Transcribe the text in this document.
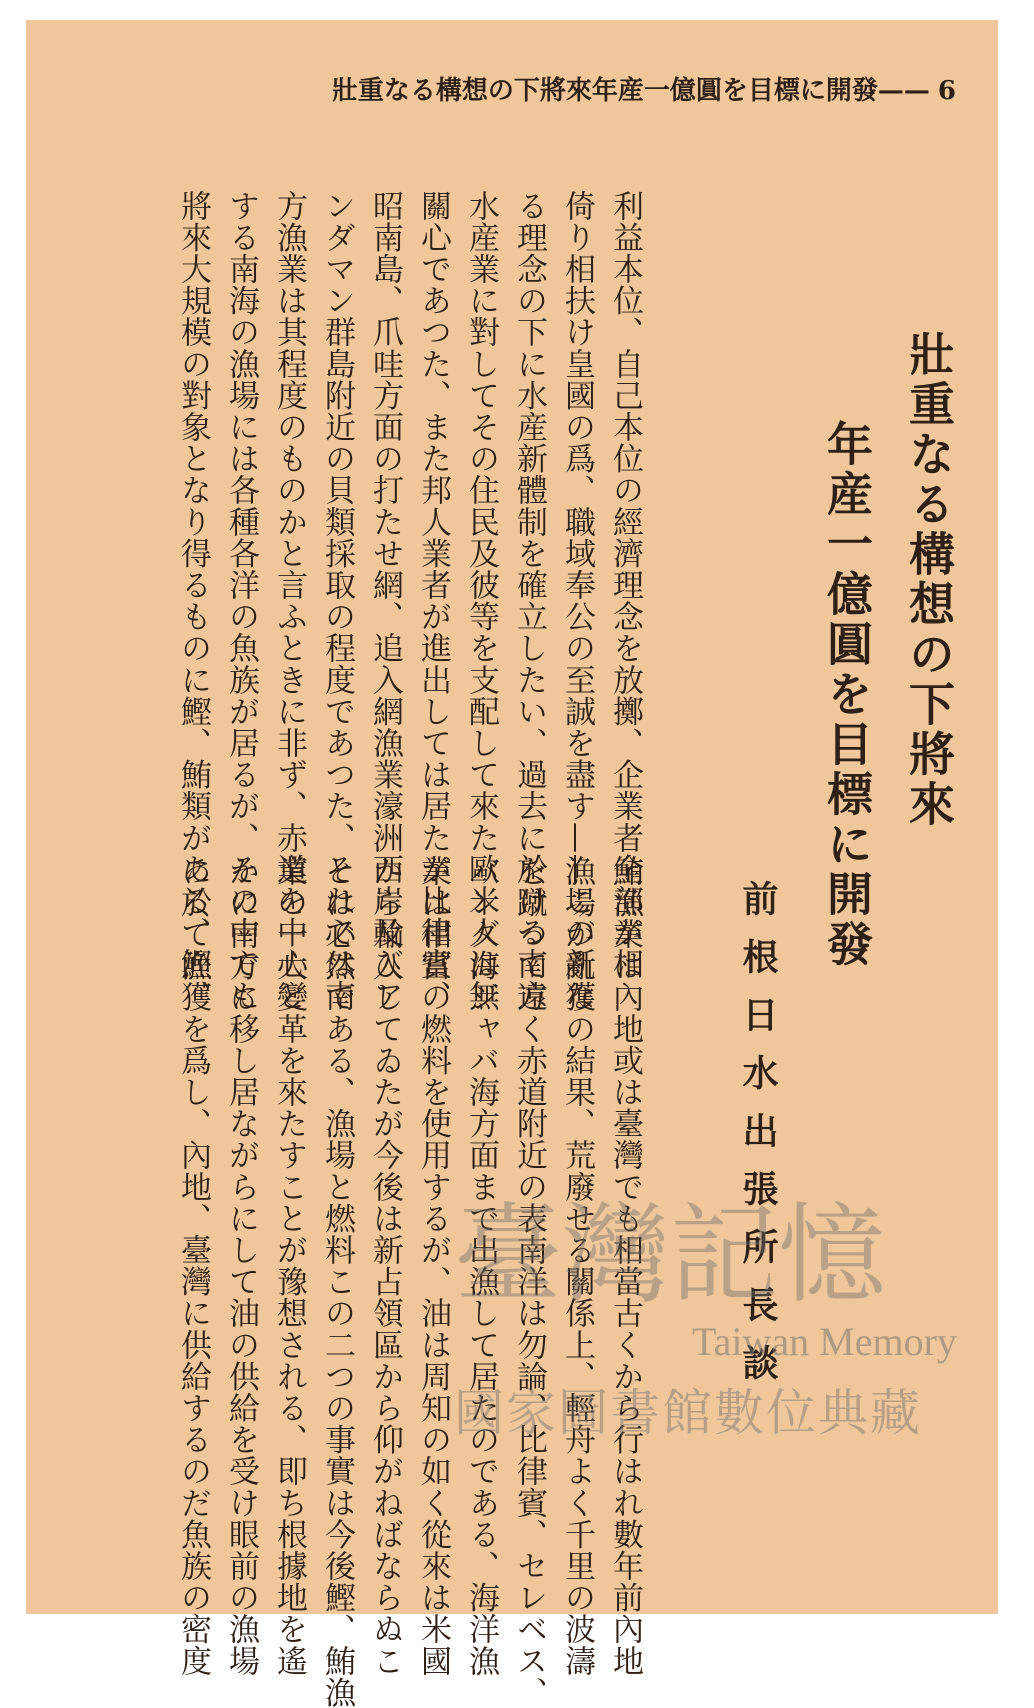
6——壯重なる構想の下將來年産一億圓を目標に開發
壯重なる構想の下將來
年産一億圓を目標に開發
前根日水出張所長談
利益本位、自己本位の經濟理念を放擲、企業者全部が相
倚り相扶け皇國の爲、職域奉公の至誠を盡す——この新な
る理念の下に水産新體制を確立したい、過去に於ける南方
水産業に對してその住民及彼等を支配して來た歐米人は無
關心であつた、また邦人業者が進出しては居たが比律賓、
昭南島、爪哇方面の打たせ網、追入網漁業濠洲西岸及びア
ンダマン群島附近の貝類採取の程度であつた、それでは南
方漁業は其程度のものかと言ふときに非ず、赤道を中心と
する南海の漁場には各種各洋の魚族が居るが、その中でも
將來大規模の對象となり得るものに鰹、鮪類がある、鰹、
鮪漁業は內地或は臺灣でも相當古くから行はれ數年前內地
漁場が亂獲の結果、荒廢せる關係上、輕舟よく千里の波濤
を蹴つて遠く赤道附近の表南洋は勿論、比律賓、セレベス、
バンダ海ジャバ海方面まで出漁して居たのである、海洋漁
業は相當の燃料を使用するが、油は周知の如く從來は米國
から輸入してゐたが今後は新占領區から仰がねばならぬこ
とは必然である、漁場と燃料この二つの事實は今後鰹、鮪漁
業の一大變革を來たすことが豫想される、即ち根據地を遙
かに南方に移し居ながらにして油の供給を受け眼前の漁場
に於て漁獲を爲し、內地、臺灣に供給するのだ魚族の密度 臺灣記憶
Taiwan Memory
國家圖書館數位典藏
